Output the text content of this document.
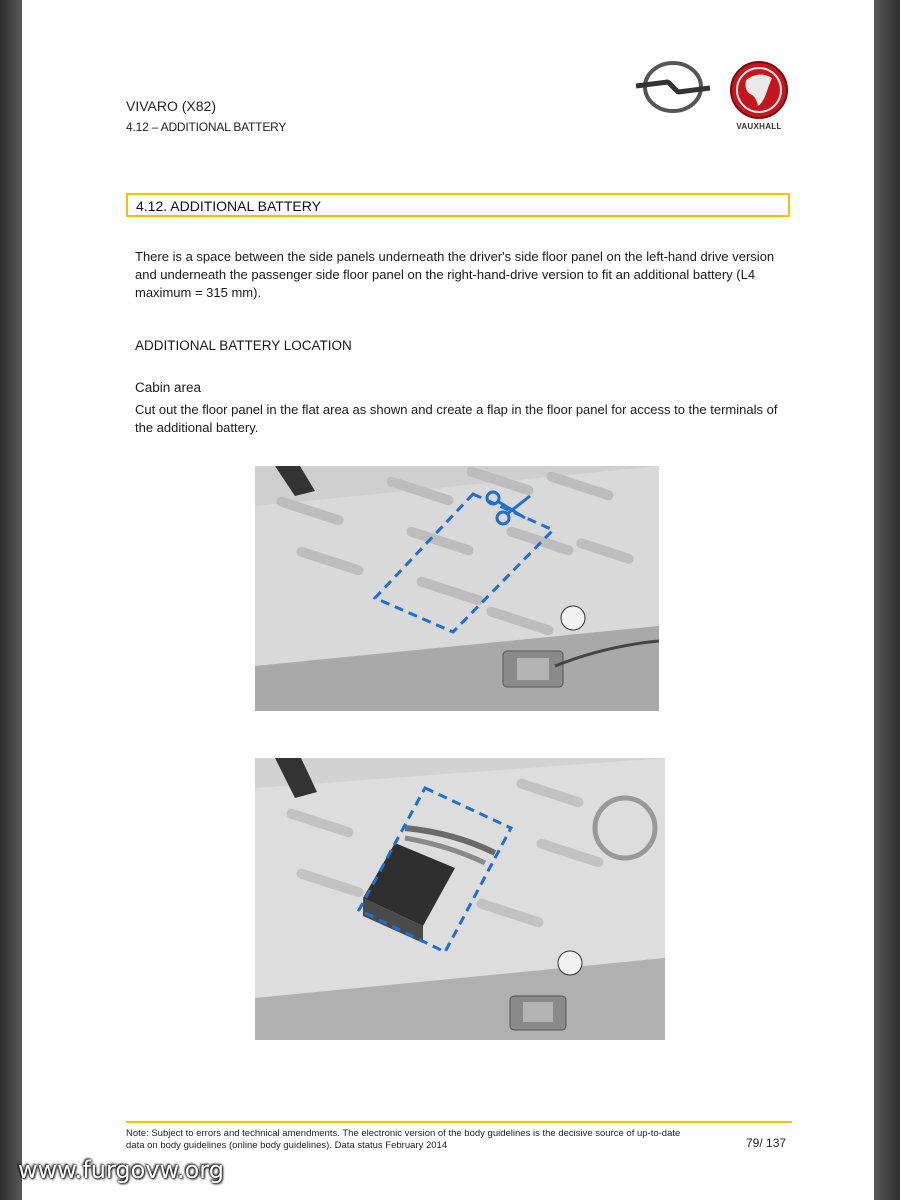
VIVARO (X82)
4.12 – ADDITIONAL BATTERY	VAUXHALL
4.12. ADDITIONAL BATTERY
There is a space between the side panels underneath the driver's side floor panel on the left-hand drive version and underneath the passenger side floor panel on the right-hand-drive version to fit an additional battery (L4 maximum = 315 mm).
ADDITIONAL BATTERY LOCATION
Cabin area
Cut out the floor panel in the flat area as shown and create a flap in the floor panel for access to the terminals of the additional battery.
Note: Subject to errors and technical amendments. The electronic version of the body guidelines is the decisive source of up-to-date data on body guidelines (online body guidelines). Data status February 2014	79/ 137
www.furgovw.org
